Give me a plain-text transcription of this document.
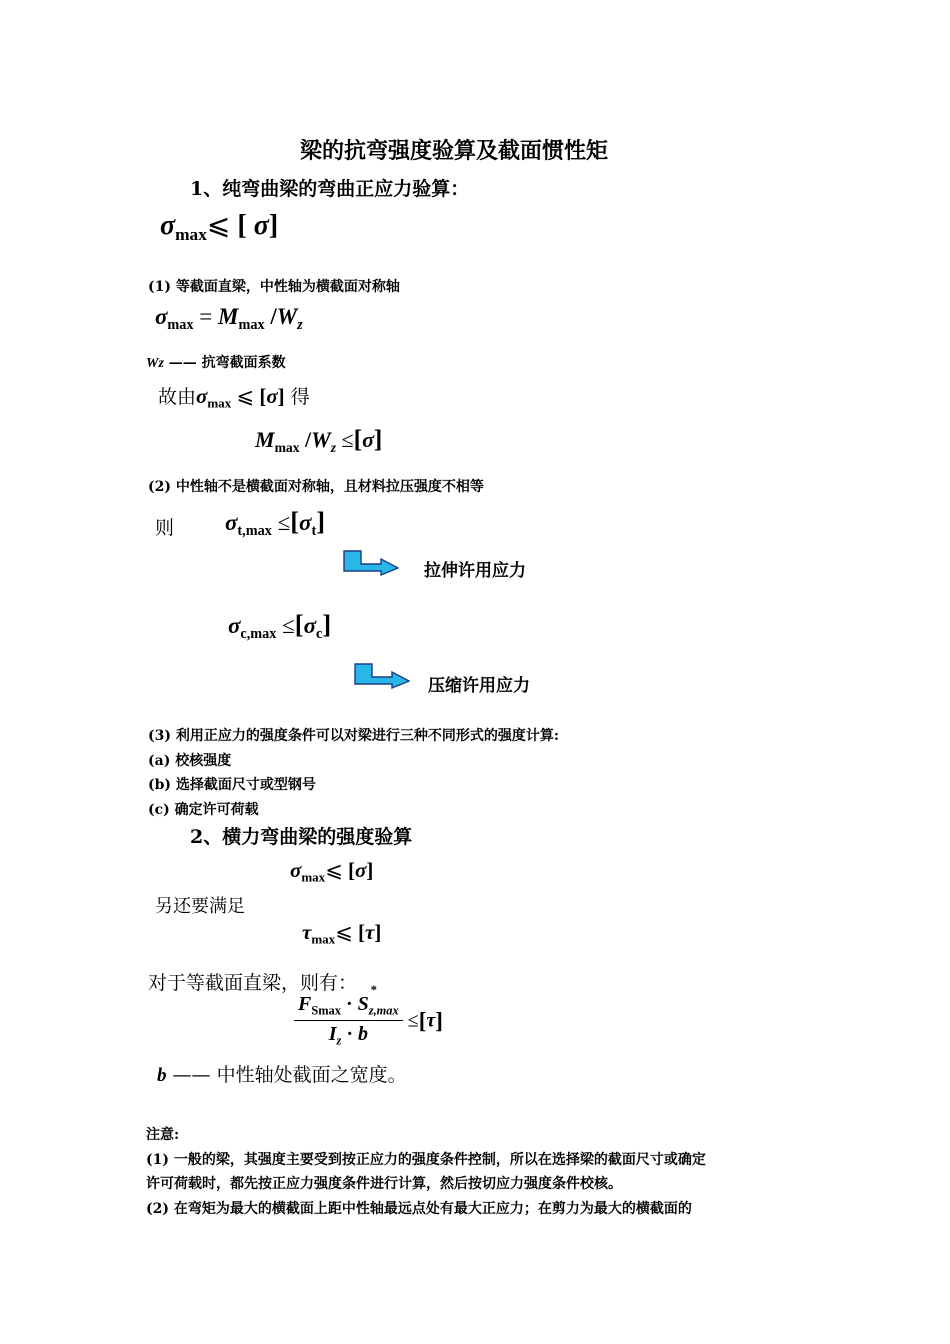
梁的抗弯强度验算及截面惯性矩
1、纯弯曲梁的弯曲正应力验算：
$\sigma_{max}⩽$ [ σ]
(1) 等截面直梁，中性轴为横截面对称轴
$\sigma_{max} = M_{max}$ $/W_z$
Wz —— 抗弯截面系数
故由$\sigma_{max}$ ⩽ [σ] 得
$M_{max}$ $/W_z \le[\sigma]$
(2) 中性轴不是横截面对称轴，且材料拉压强度不相等
则 $\sigma_{t,max} \le[\sigma_t]$
拉伸许用应力
$\sigma_{c,max} \le[\sigma_c]$
压缩许用应力
(3) 利用正应力的强度条件可以对梁进行三种不同形式的强度计算:
(a) 校核强度
(b) 选择截面尺寸或型钢号
(c) 确定许可荷载
2、横力弯曲梁的强度验算
$\sigma_{max}⩽$ [σ]
另还要满足
$\tau_{max}⩽$ [τ]
对于等截面直梁，则有：
$F_{Smax} \cdot S$
*
$_{z,max}$
$I_z \cdot b \le[\tau]$
b —— 中性轴处截面之宽度。
注意:
(1) 一般的梁，其强度主要受到按正应力的强度条件控制，所以在选择梁的截面尺寸或确定
许可荷载时，都先按正应力强度条件进行计算，然后按切应力强度条件校核。
(2) 在弯矩为最大的横截面上距中性轴最远点处有最大正应力；在剪力为最大的横截面的
